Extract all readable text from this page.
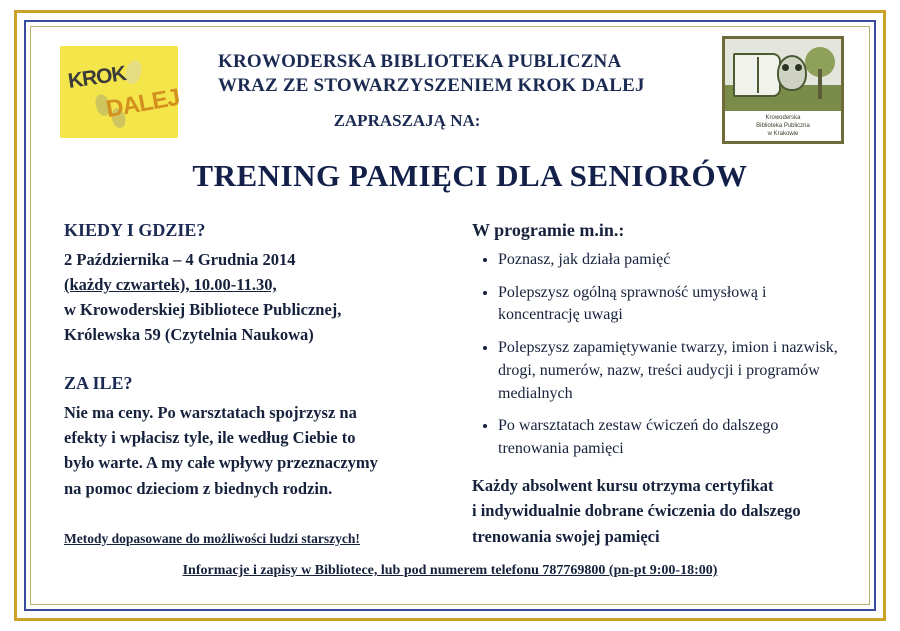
KROK
DALEJ
KROWODERSKA BIBLIOTEKA PUBLICZNA
WRAZ ZE STOWARZYSZENIEM KROK DALEJ
ZAPRASZAJĄ NA:	Krowoderska
Biblioteka Publiczna
w Krakowie
TRENING PAMIĘCI DLA SENIORÓW
KIEDY I GDZIE?
2 Października – 4 Grudnia 2014
(każdy czwartek), 10.00-11.30,
w Krowoderskiej Bibliotece Publicznej,
Królewska 59 (Czytelnia Naukowa)
ZA ILE?
Nie ma ceny. Po warsztatach spojrzysz na
efekty i wpłacisz tyle, ile według Ciebie to
było warte. A my całe wpływy przeznaczymy
na pomoc dzieciom z biednych rodzin.
Metody dopasowane do możliwości ludzi starszych!
W programie m.in.:
• Poznasz, jak działa pamięć
• Polepszysz ogólną sprawność umysłową i koncentrację uwagi
• Polepszysz zapamiętywanie twarzy, imion i nazwisk, drogi, numerów, nazw, treści audycji i programów medialnych
• Po warsztatach zestaw ćwiczeń do dalszego trenowania pamięci
Każdy absolwent kursu otrzyma certyfikat
i indywidualnie dobrane ćwiczenia do dalszego
trenowania swojej pamięci
Informacje i zapisy w Bibliotece, lub pod numerem telefonu 787769800 (pn-pt 9:00-18:00)
